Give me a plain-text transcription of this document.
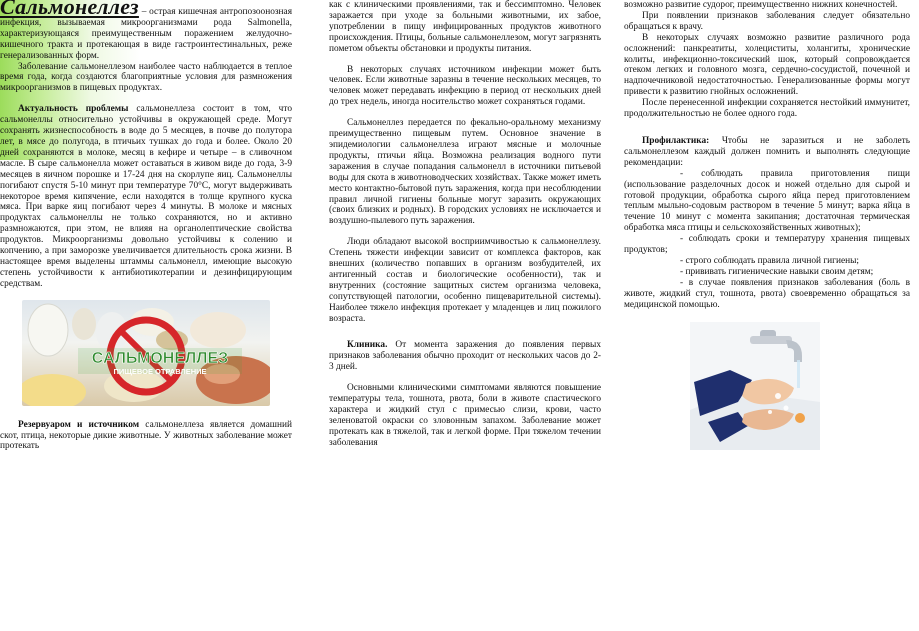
Сальмонеллез – острая кишечная антропозоонозная инфекция, вызываемая микроорганизмами рода Salmonella, характеризующаяся преимущественным поражением желудочно-кишечного тракта и протекающая в виде гастроинтестинальных, реже генерализованных форм.

Заболевание сальмонеллезом наиболее часто наблюдается в теплое время года, когда создаются благоприятные условия для размножения микроорганизмов в пищевых продуктах.

Актуальность проблемы сальмонеллеза состоит в том, что сальмонеллы относительно устойчивы в окружающей среде. Могут сохранять жизнеспособность в воде до 5 месяцев, в почве до полутора лет, в мясе до полугода, в птичьих тушках до года и более. Около 20 дней сохраняются в молоке, месяц в кефире и четыре – в сливочном масле. В сыре сальмонелла может оставаться в живом виде до года, 3-9 месяцев в яичном порошке и 17-24 дня на скорлупе яиц. Сальмонеллы погибают спустя 5-10 минут при температуре 70°С, могут выдерживать некоторое время кипячение, если находятся в толще крупного куска мяса. При варке яиц погибают через 4 минуты. В молоке и мясных продуктах сальмонеллы не только сохраняются, но и активно размножаются, при этом, не влияя на органолептические свойства продуктов. Микроорганизмы довольно устойчивы к солению и копчению, а при заморозке увеличивается длительность срока жизни. В настоящее время выделены штаммы сальмонелл, имеющие высокую степень устойчивости к антибиотикотерапии и дезинфицирующим средствам.

САЛЬМОНЕЛЛЕЗ
ПИЩЕВОЕ ОТРАВЛЕНИЕ

Резервуаром и источником сальмонеллеза является домашний скот, птица, некоторые дикие животные. У животных заболевание может протекать

как с клиническими проявлениями, так и бессимптомно. Человек заражается при уходе за больными животными, их забое, употреблении в пищу инфицированных продуктов животного происхождения. Птицы, больные сальмонеллезом, могут загрязнять пометом объекты обстановки и продукты питания.

В некоторых случаях источником инфекции может быть человек. Если животные заразны в течение нескольких месяцев, то человек может передавать инфекцию в период от нескольких дней до трех недель, иногда носительство может сохраняться годами.

Сальмонеллез передается по фекально-оральному механизму преимущественно пищевым путем. Основное значение в эпидемиологии сальмонеллеза играют мясные и молочные продукты, птичьи яйца. Возможна реализация водного пути заражения в случае попадания сальмонелл в источники питьевой воды для скота в животноводческих хозяйствах. Также может иметь место контактно-бытовой путь заражения, когда при несоблюдении правил личной гигиены больные могут заразить окружающих (своих близких и родных). В городских условиях не исключается и воздушно-пылевого путь заражения.

Люди обладают высокой восприимчивостью к сальмонеллезу. Степень тяжести инфекции зависит от комплекса факторов, как внешних (количество попавших в организм возбудителей, их антигенный состав и биологические особенности), так и внутренних (состояние защитных систем организма человека, сопутствующей патологии, особенно пищеварительной системы). Наиболее тяжело инфекция протекает у младенцев и лиц пожилого возраста.

Клиника. От момента заражения до появления первых признаков заболевания обычно проходит от нескольких часов до 2-3 дней.

Основными клиническими симптомами являются повышение температуры тела, тошнота, рвота, боли в животе спастического характера и жидкий стул с примесью слизи, крови, часто зеленоватой окраски со зловонным запахом. Заболевание может протекать как в тяжелой, так и легкой форме. При тяжелом течении заболевания

возможно развитие судорог, преимущественно нижних конечностей.

При появлении признаков заболевания следует обязательно обращаться к врачу.

В некоторых случаях возможно развитие различного рода осложнений: панкреатиты, холециститы, холангиты, хронические колиты, инфекционно-токсический шок, который сопровождается отеком легких и головного мозга, сердечно-сосудистой, почечной и надпочечниковой недостаточностью. Генерализованные формы могут привести к развитию гнойных осложнений.

После перенесенной инфекции сохраняется нестойкий иммунитет, продолжительностью не более одного года.

Профилактика: Чтобы не заразиться и не заболеть сальмонеллезом каждый должен помнить и выполнять следующие рекомендации:

- соблюдать правила приготовления пищи (использование разделочных досок и ножей отдельно для сырой и готовой продукции, обработка сырого яйца перед приготовлением теплым мыльно-содовым раствором в течение 5 минут; варка яйца в течение 10 минут с момента закипания; достаточная термическая обработка мяса птицы и сельскохозяйственных животных);

- соблюдать сроки и температуру хранения пищевых продуктов;

- строго соблюдать правила личной гигиены;

- прививать гигиенические навыки своим детям;

- в случае появления признаков заболевания (боль в животе, жидкий стул, тошнота, рвота) своевременно обращаться за медицинской помощью.
